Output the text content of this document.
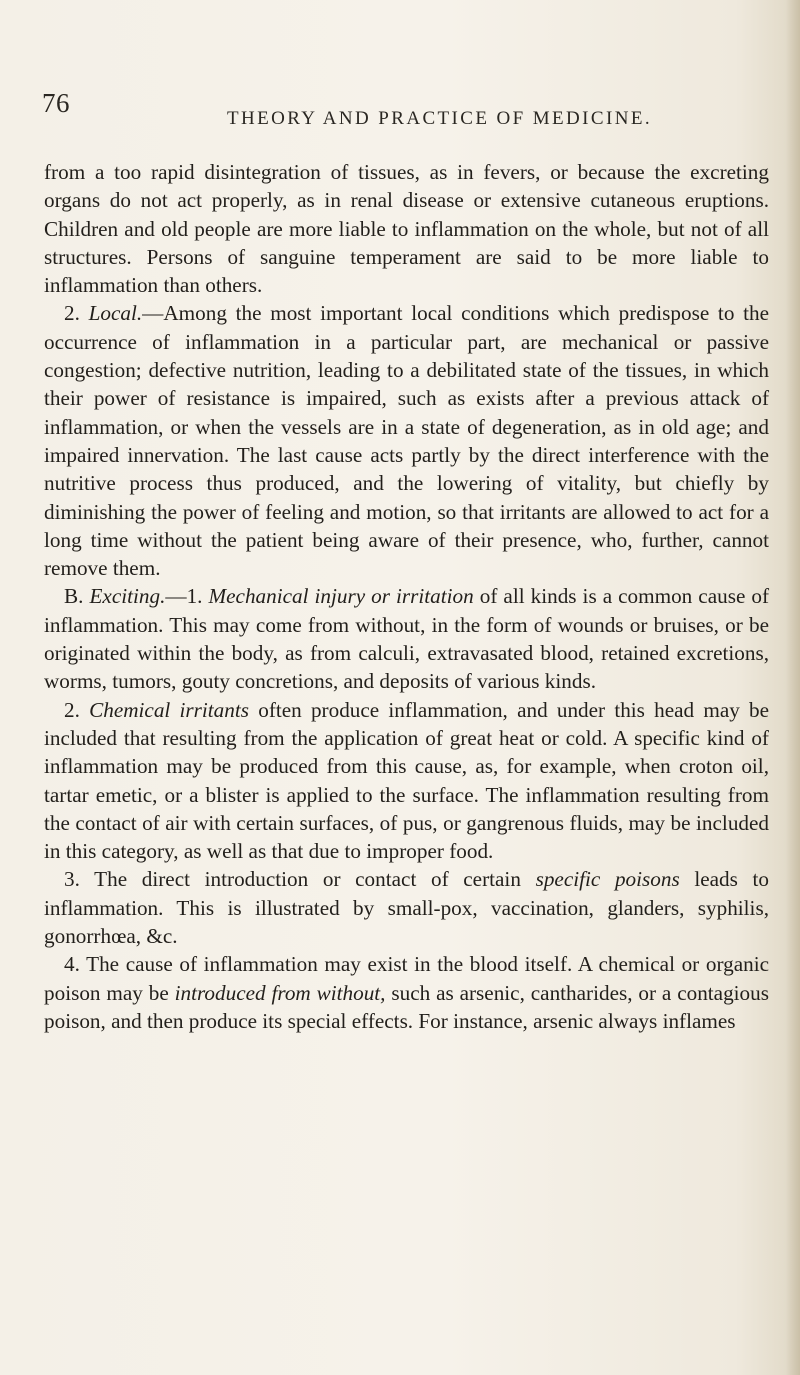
76
THEORY AND PRACTICE OF MEDICINE.

from a too rapid disintegration of tissues, as in fevers, or because the excreting organs do not act properly, as in renal disease or extensive cutaneous eruptions. Children and old people are more liable to inflammation on the whole, but not of all structures. Persons of sanguine temperament are said to be more liable to inflammation than others.

2. Local.—Among the most important local conditions which predispose to the occurrence of inflammation in a particular part, are mechanical or passive congestion; defective nutrition, leading to a debilitated state of the tissues, in which their power of resistance is impaired, such as exists after a previous attack of inflammation, or when the vessels are in a state of degeneration, as in old age; and impaired innervation. The last cause acts partly by the direct interference with the nutritive process thus produced, and the lowering of vitality, but chiefly by diminishing the power of feeling and motion, so that irritants are allowed to act for a long time without the patient being aware of their presence, who, further, cannot remove them.

B. Exciting.—1. Mechanical injury or irritation of all kinds is a common cause of inflammation. This may come from without, in the form of wounds or bruises, or be originated within the body, as from calculi, extravasated blood, retained excretions, worms, tumors, gouty concretions, and deposits of various kinds.

2. Chemical irritants often produce inflammation, and under this head may be included that resulting from the application of great heat or cold. A specific kind of inflammation may be produced from this cause, as, for example, when croton oil, tartar emetic, or a blister is applied to the surface. The inflammation resulting from the contact of air with certain surfaces, of pus, or gangrenous fluids, may be included in this category, as well as that due to improper food.

3. The direct introduction or contact of certain specific poisons leads to inflammation. This is illustrated by small-pox, vaccination, glanders, syphilis, gonorrhœa, &c.

4. The cause of inflammation may exist in the blood itself. A chemical or organic poison may be introduced from without, such as arsenic, cantharides, or a contagious poison, and then produce its special effects. For instance, arsenic always inflames
